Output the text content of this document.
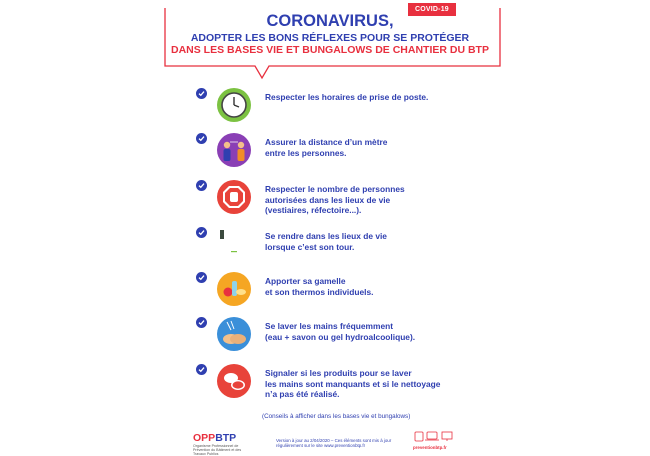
COVID-19
CORONAVIRUS,
ADOPTER LES BONS RÉFLEXES POUR SE PROTÉGER
DANS LES BASES VIE ET BUNGALOWS DE CHANTIER DU BTP
Respecter les horaires de prise de poste.
Assurer la distance d’un mètre
entre les personnes.
Respecter le nombre de personnes
autorisées dans les lieux de vie
(vestiaires, réfectoire...).
Se rendre dans les lieux de vie
lorsque c’est son tour.
Apporter sa gamelle
et son thermos individuels.
Se laver les mains fréquemment
(eau + savon ou gel hydroalcoolique).
Signaler si les produits pour se laver
les mains sont manquants et si le nettoyage
n’a pas été réalisé.
(Conseils à afficher dans les bases vie et bungalows)
OPPBTP
Organisme Professionnel de Prévention du Bâtiment et des Travaux Publics
Version à jour au 2/04/2020 – Ces éléments sont mis à jour régulièrement sur le site www.preventionbtp.fr	preventionbtp.fr
